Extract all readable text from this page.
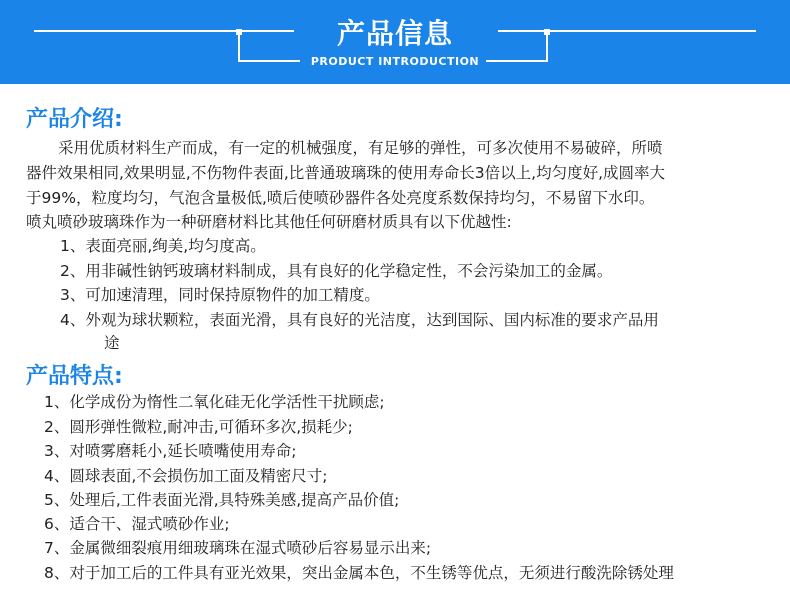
产品信息
PRODUCT INTRODUCTION
产品介绍:
采用优质材料生产而成，有一定的机械强度，有足够的弹性，可多次使用不易破碎，所喷
器件效果相同,效果明显,不伤物件表面,比普通玻璃珠的使用寿命长3倍以上,均匀度好,成圆率大
于99%，粒度均匀，气泡含量极低,喷后使喷砂器件各处亮度系数保持均匀，不易留下水印。
喷丸喷砂玻璃珠作为一种研磨材料比其他任何研磨材质具有以下优越性:
1、表面亮丽,绚美,均匀度高。
2、用非碱性钠钙玻璃材料制成，具有良好的化学稳定性，不会污染加工的金属。
3、可加速清理，同时保持原物件的加工精度。
4、外观为球状颗粒，表面光滑，具有良好的光洁度，达到国际、国内标准的要求产品用
途
产品特点:
1、化学成份为惰性二氧化硅无化学活性干扰顾虑;
2、圆形弹性微粒,耐冲击,可循环多次,损耗少;
3、对喷雾磨耗小,延长喷嘴使用寿命;
4、圆球表面,不会损伤加工面及精密尺寸;
5、处理后,工件表面光滑,具特殊美感,提高产品价值;
6、适合干、湿式喷砂作业;
7、金属微细裂痕用细玻璃珠在湿式喷砂后容易显示出来;
8、对于加工后的工件具有亚光效果，突出金属本色，不生锈等优点，无须进行酸洗除锈处理
